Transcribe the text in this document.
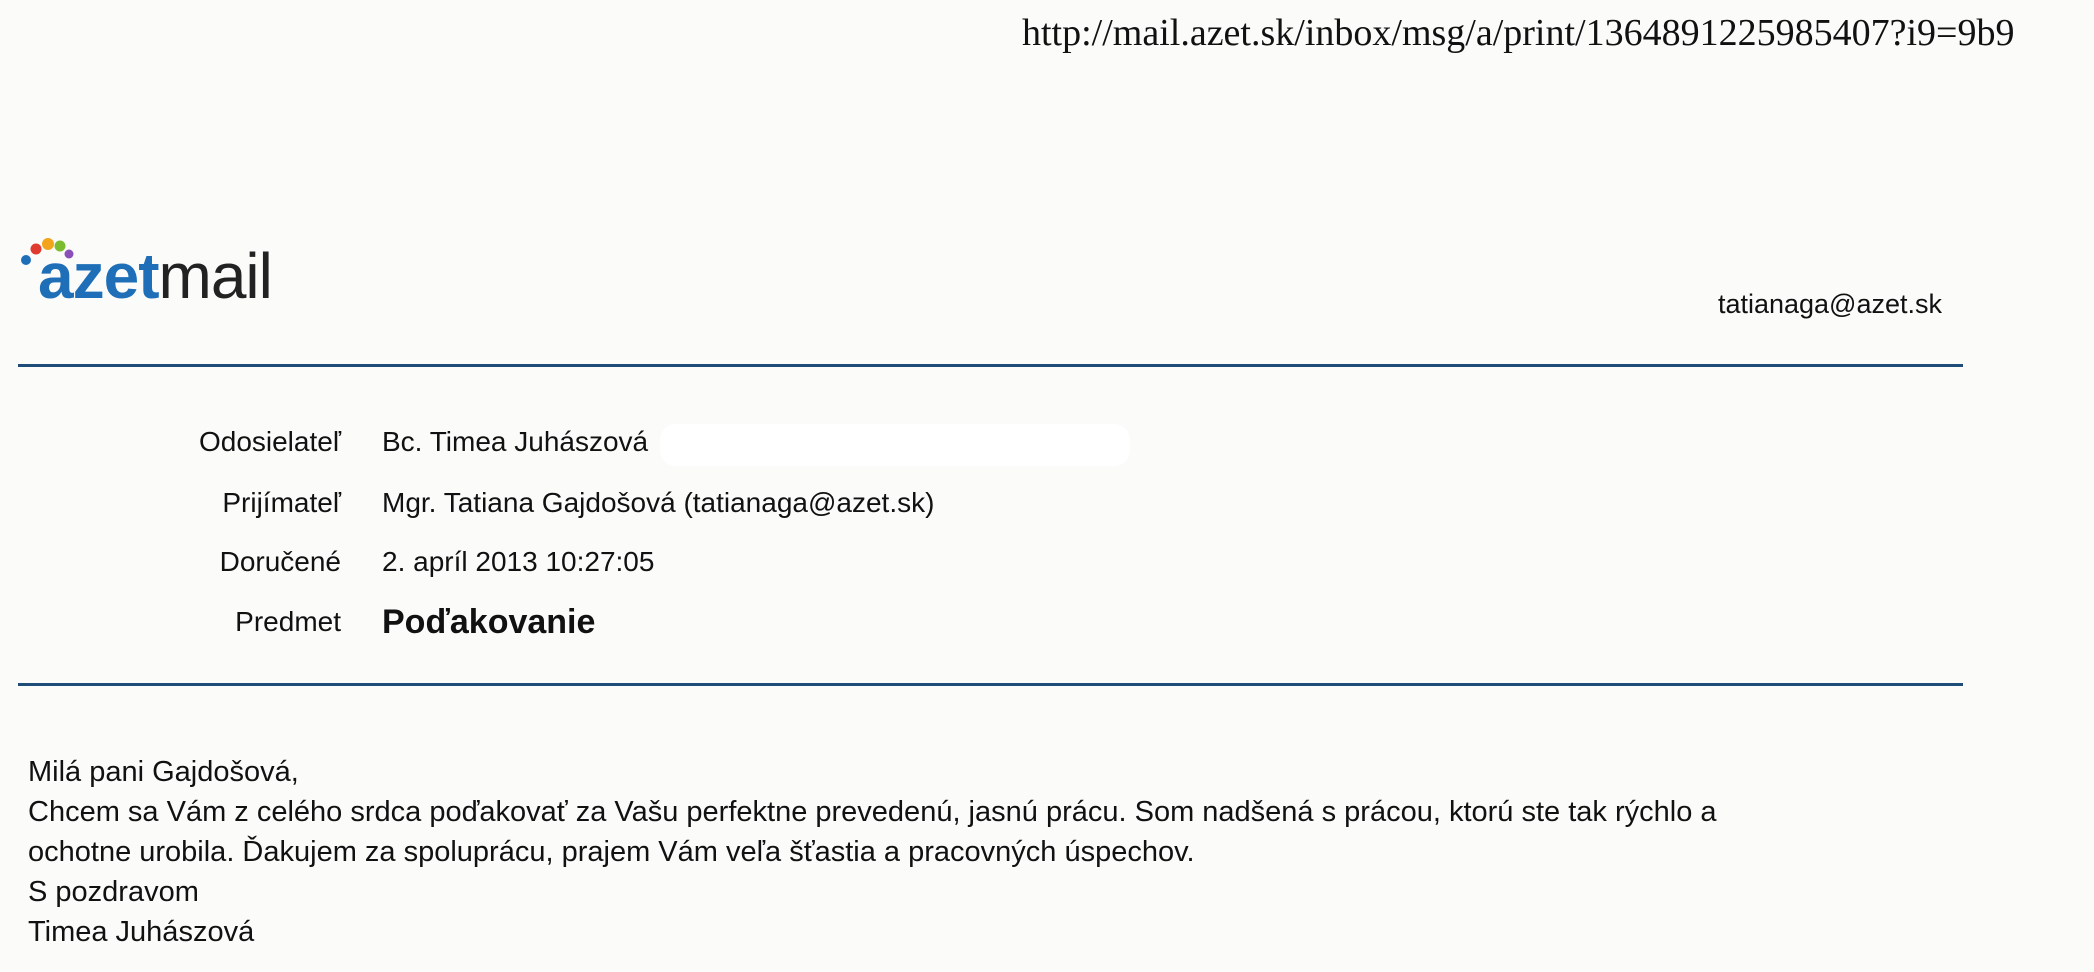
http://mail.azet.sk/inbox/msg/a/print/1364891225985407?i9=9b9
azetmail	tatianaga@azet.sk
Odosielateľ Bc. Timea Juhászová
Prijímateľ Mgr. Tatiana Gajdošová (tatianaga@azet.sk)
Doručené 2. apríl 2013 10:27:05
Predmet Poďakovanie
Milá pani Gajdošová,
Chcem sa Vám z celého srdca poďakovať za Vašu perfektne prevedenú, jasnú prácu. Som nadšená s prácou, ktorú ste tak rýchlo a
ochotne urobila. Ďakujem za spoluprácu, prajem Vám veľa šťastia a pracovných úspechov.
S pozdravom
Timea Juhászová
